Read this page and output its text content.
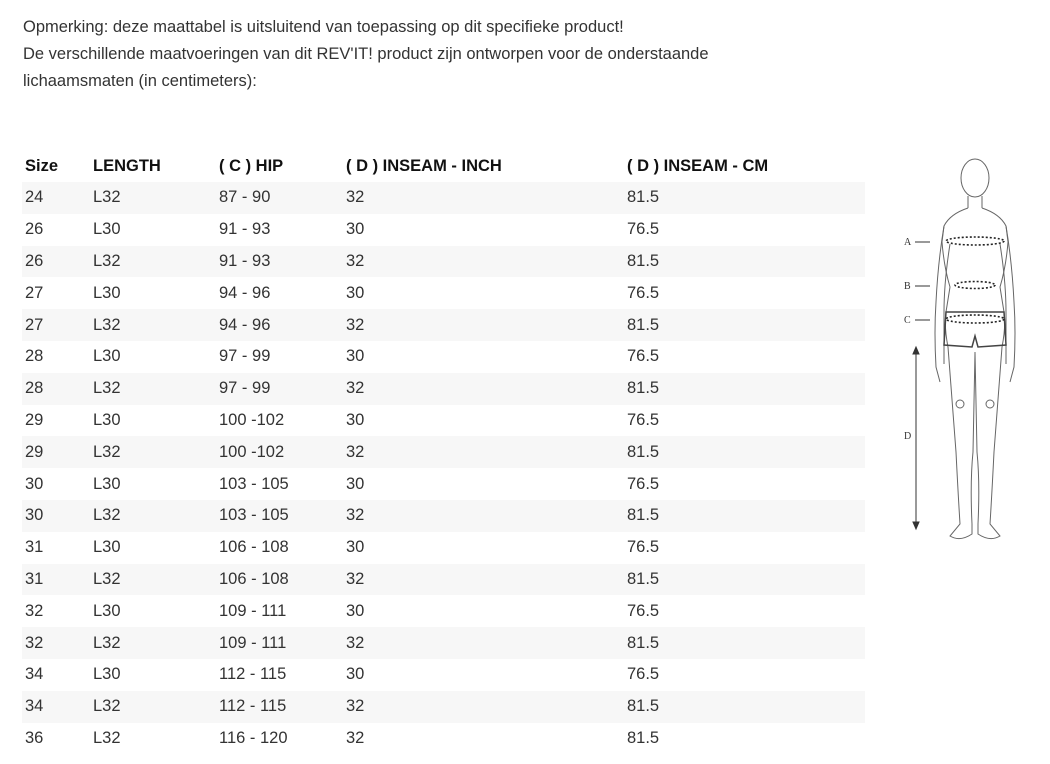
Opmerking: deze maattabel is uitsluitend van toepassing op dit specifieke product!

De verschillende maatvoeringen van dit REV'IT! product zijn ontworpen voor de onderstaande

lichaamsmaten (in centimeters):

Size	LENGTH	( C ) HIP	( D ) INSEAM - INCH	( D ) INSEAM - CM
24	L32	87 - 90	32	81.5
26	L30	91 - 93	30	76.5
26	L32	91 - 93	32	81.5
27	L30	94 - 96	30	76.5
27	L32	94 - 96	32	81.5
28	L30	97 - 99	30	76.5
28	L32	97 - 99	32	81.5
29	L30	100 -102	30	76.5
29	L32	100 -102	32	81.5
30	L30	103 - 105	30	76.5
30	L32	103 - 105	32	81.5
31	L30	106 - 108	30	76.5
31	L32	106 - 108	32	81.5
32	L30	109 - 111	30	76.5
32	L32	109 - 111	32	81.5
34	L30	112 - 115	30	76.5
34	L32	112 - 115	32	81.5
36	L32	116 - 120	32	81.5
A
B
C
D
